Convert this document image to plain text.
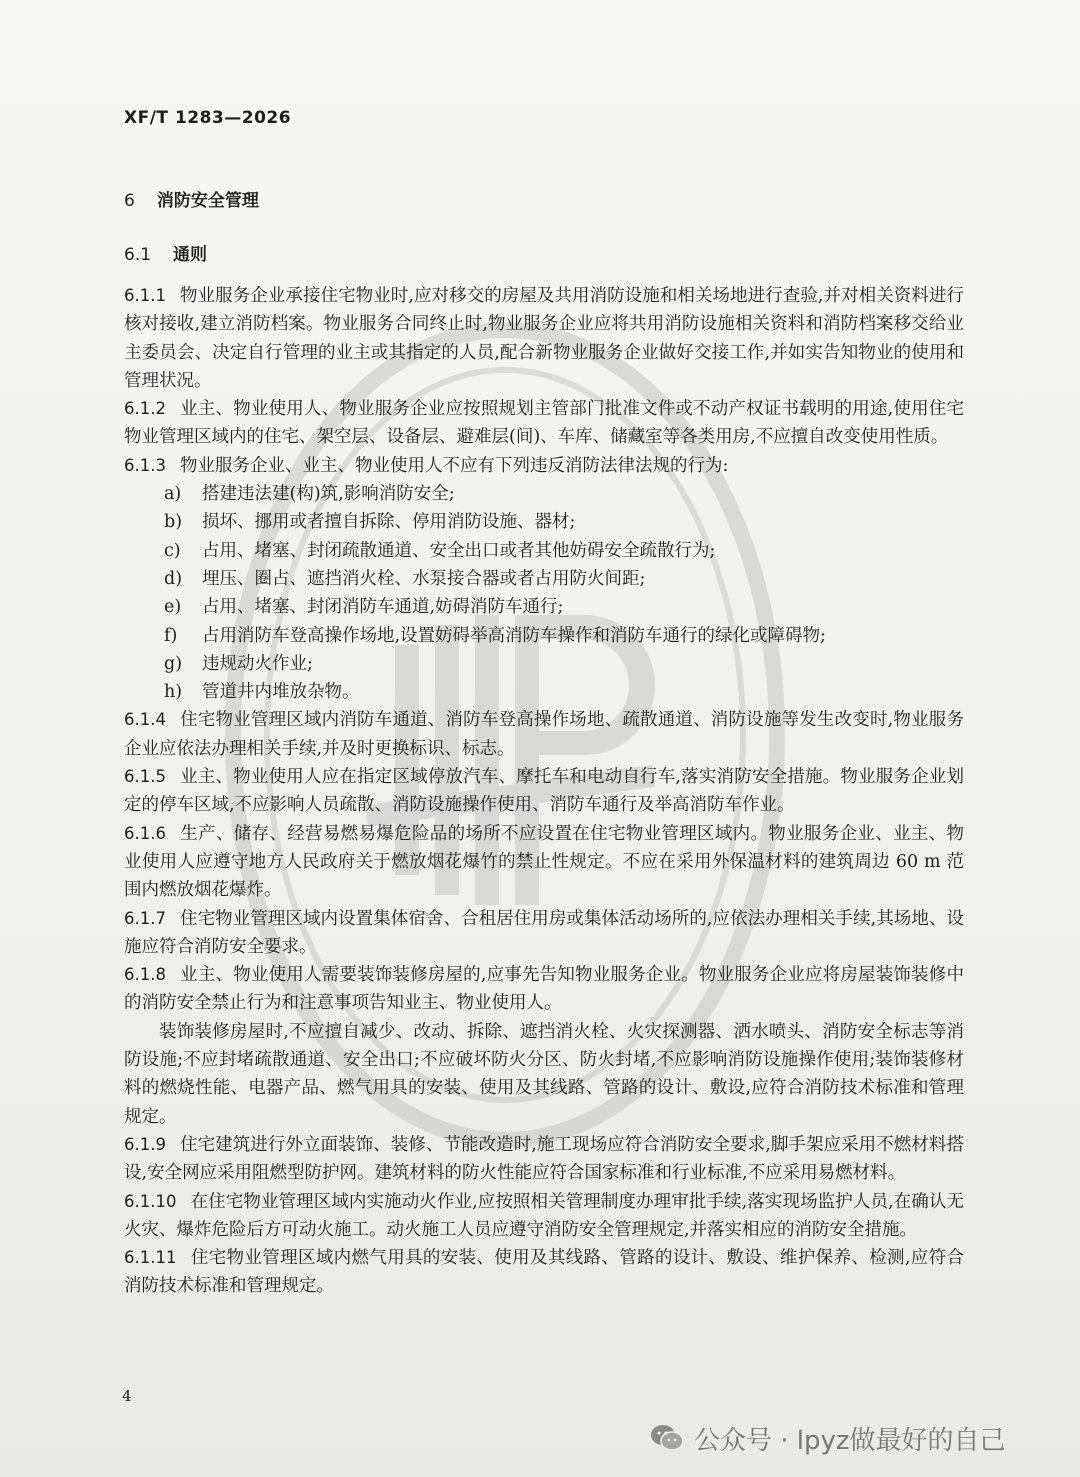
XF/T 1283—2026
6 消防安全管理
6.1 通则

6.1.1 物业服务企业承接住宅物业时,应对移交的房屋及共用消防设施和相关场地进行查验,并对相关资料进行核对接收,建立消防档案。物业服务合同终止时,物业服务企业应将共用消防设施相关资料和消防档案移交给业主委员会、决定自行管理的业主或其指定的人员,配合新物业服务企业做好交接工作,并如实告知物业的使用和管理状况。

6.1.2 业主、物业使用人、物业服务企业应按照规划主管部门批准文件或不动产权证书载明的用途,使用住宅物业管理区域内的住宅、架空层、设备层、避难层(间)、车库、储藏室等各类用房,不应擅自改变使用性质。

6.1.3 物业服务企业、业主、物业使用人不应有下列违反消防法律法规的行为:

a) 搭建违法建(构)筑,影响消防安全;
b) 损坏、挪用或者擅自拆除、停用消防设施、器材;
c) 占用、堵塞、封闭疏散通道、安全出口或者其他妨碍安全疏散行为;
d) 埋压、圈占、遮挡消火栓、水泵接合器或者占用防火间距;
e) 占用、堵塞、封闭消防车通道,妨碍消防车通行;
f) 占用消防车登高操作场地,设置妨碍举高消防车操作和消防车通行的绿化或障碍物;
g) 违规动火作业;
h) 管道井内堆放杂物。

6.1.4 住宅物业管理区域内消防车通道、消防车登高操作场地、疏散通道、消防设施等发生改变时,物业服务企业应依法办理相关手续,并及时更换标识、标志。

6.1.5 业主、物业使用人应在指定区域停放汽车、摩托车和电动自行车,落实消防安全措施。物业服务企业划定的停车区域,不应影响人员疏散、消防设施操作使用、消防车通行及举高消防车作业。

6.1.6 生产、储存、经营易燃易爆危险品的场所不应设置在住宅物业管理区域内。物业服务企业、业主、物业使用人应遵守地方人民政府关于燃放烟花爆竹的禁止性规定。不应在采用外保温材料的建筑周边 60 m 范围内燃放烟花爆炸。

6.1.7 住宅物业管理区域内设置集体宿舍、合租居住用房或集体活动场所的,应依法办理相关手续,其场地、设施应符合消防安全要求。

6.1.8 业主、物业使用人需要装饰装修房屋的,应事先告知物业服务企业。物业服务企业应将房屋装饰装修中的消防安全禁止行为和注意事项告知业主、物业使用人。

装饰装修房屋时,不应擅自减少、改动、拆除、遮挡消火栓、火灾探测器、洒水喷头、消防安全标志等消防设施;不应封堵疏散通道、安全出口;不应破坏防火分区、防火封堵,不应影响消防设施操作使用;装饰装修材料的燃烧性能、电器产品、燃气用具的安装、使用及其线路、管路的设计、敷设,应符合消防技术标准和管理规定。

6.1.9 住宅建筑进行外立面装饰、装修、节能改造时,施工现场应符合消防安全要求,脚手架应采用不燃材料搭设,安全网应采用阻燃型防护网。建筑材料的防火性能应符合国家标准和行业标准,不应采用易燃材料。

6.1.10 在住宅物业管理区域内实施动火作业,应按照相关管理制度办理审批手续,落实现场监护人员,在确认无火灾、爆炸危险后方可动火施工。动火施工人员应遵守消防安全管理规定,并落实相应的消防安全措施。

6.1.11 住宅物业管理区域内燃气用具的安装、使用及其线路、管路的设计、敷设、维护保养、检测,应符合消防技术标准和管理规定。

4
公众号 · lpyz做最好的自己
